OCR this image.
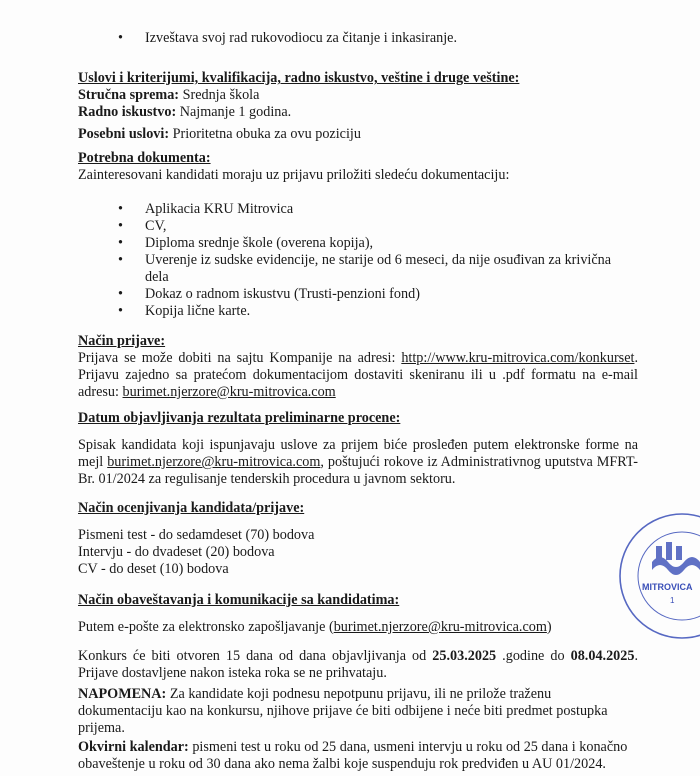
• Izveštava svoj rad rukovodiocu za čitanje i inkasiranje.
Uslovi i kriterijumi, kvalifikacija, radno iskustvo, veštine i druge veštine:
Stručna sprema: Srednja škola
Radno iskustvo: Najmanje 1 godina.
Posebni uslovi: Prioritetna obuka za ovu poziciju
Potrebna dokumenta:
Zainteresovani kandidati moraju uz prijavu priložiti sledeću dokumentaciju:
• Aplikacia KRU Mitrovica
• CV,
• Diploma srednje škole (overena kopija),
• Uverenje iz sudske evidencije, ne starije od 6 meseci, da nije osuđivan za krivična dela
• Dokaz o radnom iskustvu (Trusti-penzioni fond)
• Kopija lične karte.
Način prijave:
Prijava se može dobiti na sajtu Kompanije na adresi: http://www.kru-mitrovica.com/konkurset. Prijavu zajedno sa pratećom dokumentacijom dostaviti skeniranu ili u .pdf formatu na e-mail adresu: burimet.njerzore@kru-mitrovica.com
Datum objavljivanja rezultata preliminarne procene:
Spisak kandidata koji ispunjavaju uslove za prijem biće prosleđen putem elektronske forme na mejl burimet.njerzore@kru-mitrovica.com, poštujući rokove iz Administrativnog uputstva MFRT-Br. 01/2024 za regulisanje tenderskih procedura u javnom sektoru.
Način ocenjivanja kandidata/prijave:
Pismeni test - do sedamdeset (70) bodova
Intervju - do dvadeset (20) bodova
CV - do deset (10) bodova
Način obaveštavanja i komunikacije sa kandidatima:
Putem e-pošte za elektronsko zapošljavanje (burimet.njerzore@kru-mitrovica.com)
Konkurs će biti otvoren 15 dana od dana objavljivanja od 25.03.2025 .godine do 08.04.2025. Prijave dostavljene nakon isteka roka se ne prihvataju.
NAPOMENA: Za kandidate koji podnesu nepotpunu prijavu, ili ne prilože traženu dokumentaciju kao na konkursu, njihove prijave će biti odbijene i neće biti predmet postupka prijema.
Okvirni kalendar: pismeni test u roku od 25 dana, usmeni intervju u roku od 25 dana i konačno obaveštenje u roku od 30 dana ako nema žalbi koje suspenduju rok predviđen u AU 01/2024.
MITROVICA
1
